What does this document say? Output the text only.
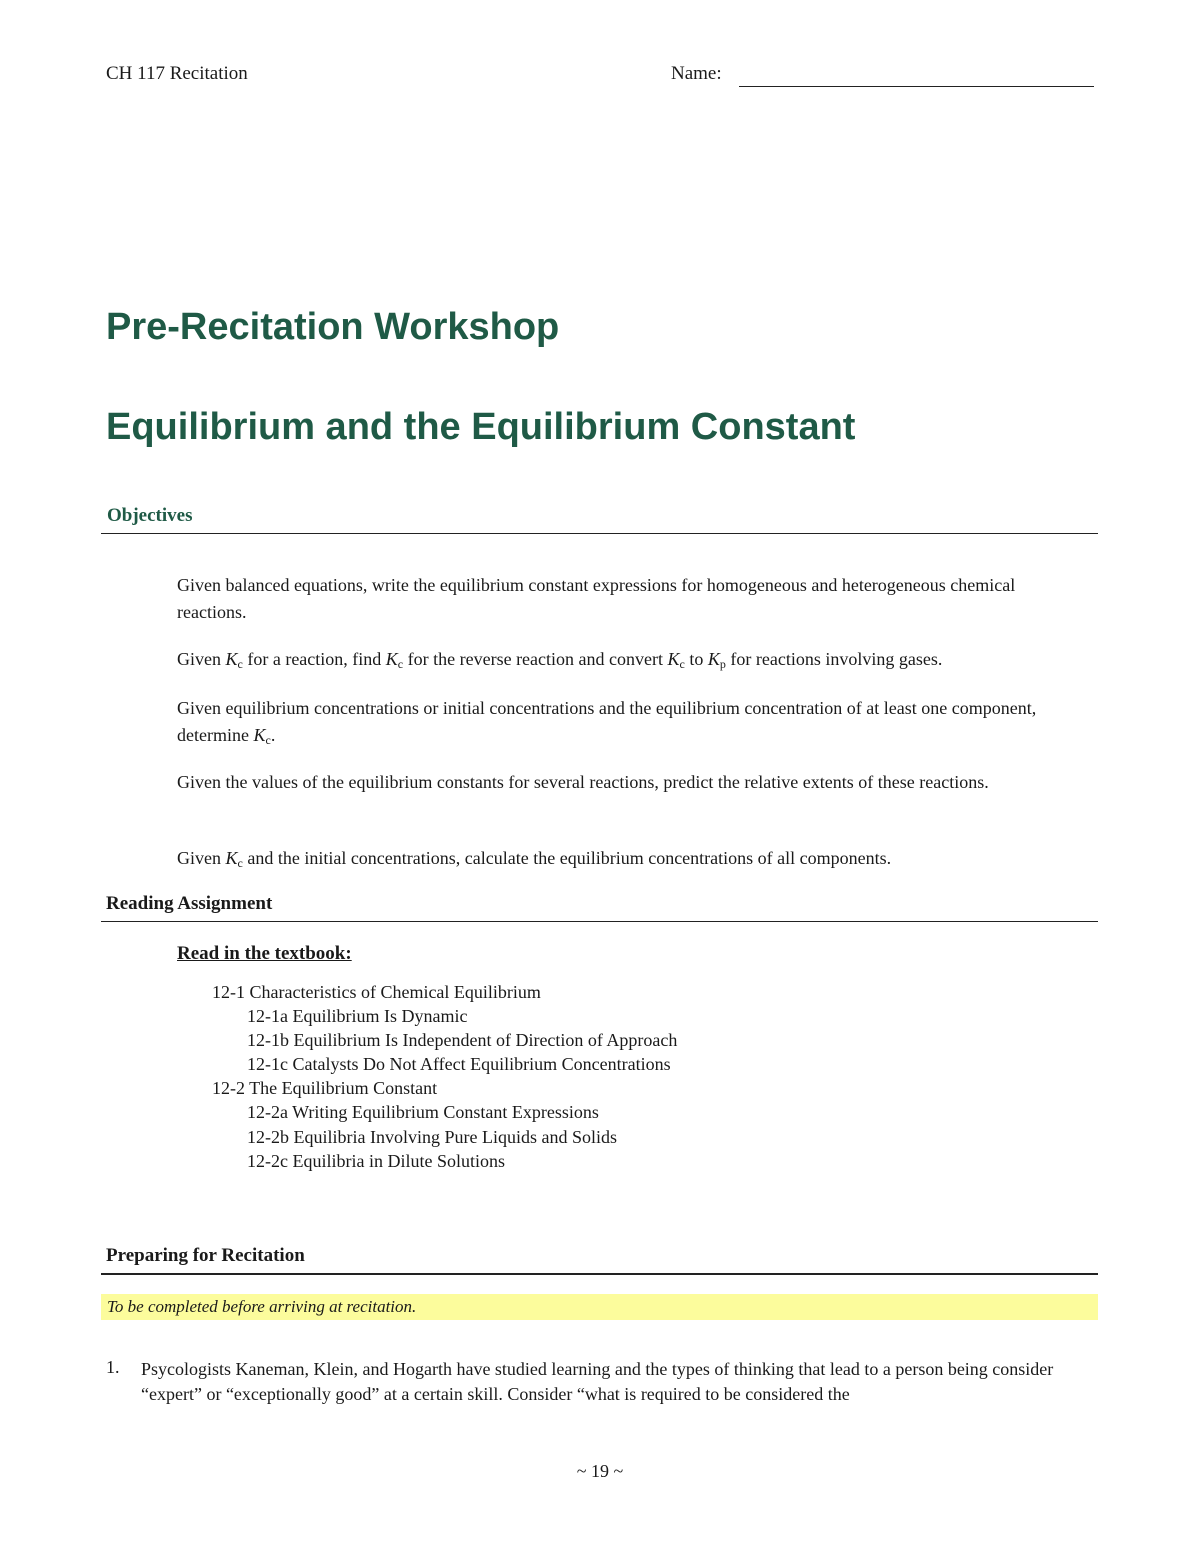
CH 117 Recitation	Name:
Pre-Recitation Workshop
Equilibrium and the Equilibrium Constant
Objectives
Given balanced equations, write the equilibrium constant expressions for homogeneous and heterogeneous chemical reactions.
Given $K_c$ for a reaction, find $K_c$ for the reverse reaction and convert $K_c$ to $K_p$ for reactions involving gases.
Given equilibrium concentrations or initial concentrations and the equilibrium concentration of at least one component, determine $K_c$.
Given the values of the equilibrium constants for several reactions, predict the relative extents of these reactions.
Given $K_c$ and the initial concentrations, calculate the equilibrium concentrations of all components.
Reading Assignment
Read in the textbook:
12-1 Characteristics of Chemical Equilibrium
12-1a Equilibrium Is Dynamic
12-1b Equilibrium Is Independent of Direction of Approach
12-1c Catalysts Do Not Affect Equilibrium Concentrations
12-2 The Equilibrium Constant
12-2a Writing Equilibrium Constant Expressions
12-2b Equilibria Involving Pure Liquids and Solids
12-2c Equilibria in Dilute Solutions
Preparing for Recitation
To be completed before arriving at recitation.
1. Psycologists Kaneman, Klein, and Hogarth have studied learning and the types of thinking that lead to a person being consider “expert” or “exceptionally good” at a certain skill. Consider “what is required to be considered the
~ 19 ~
